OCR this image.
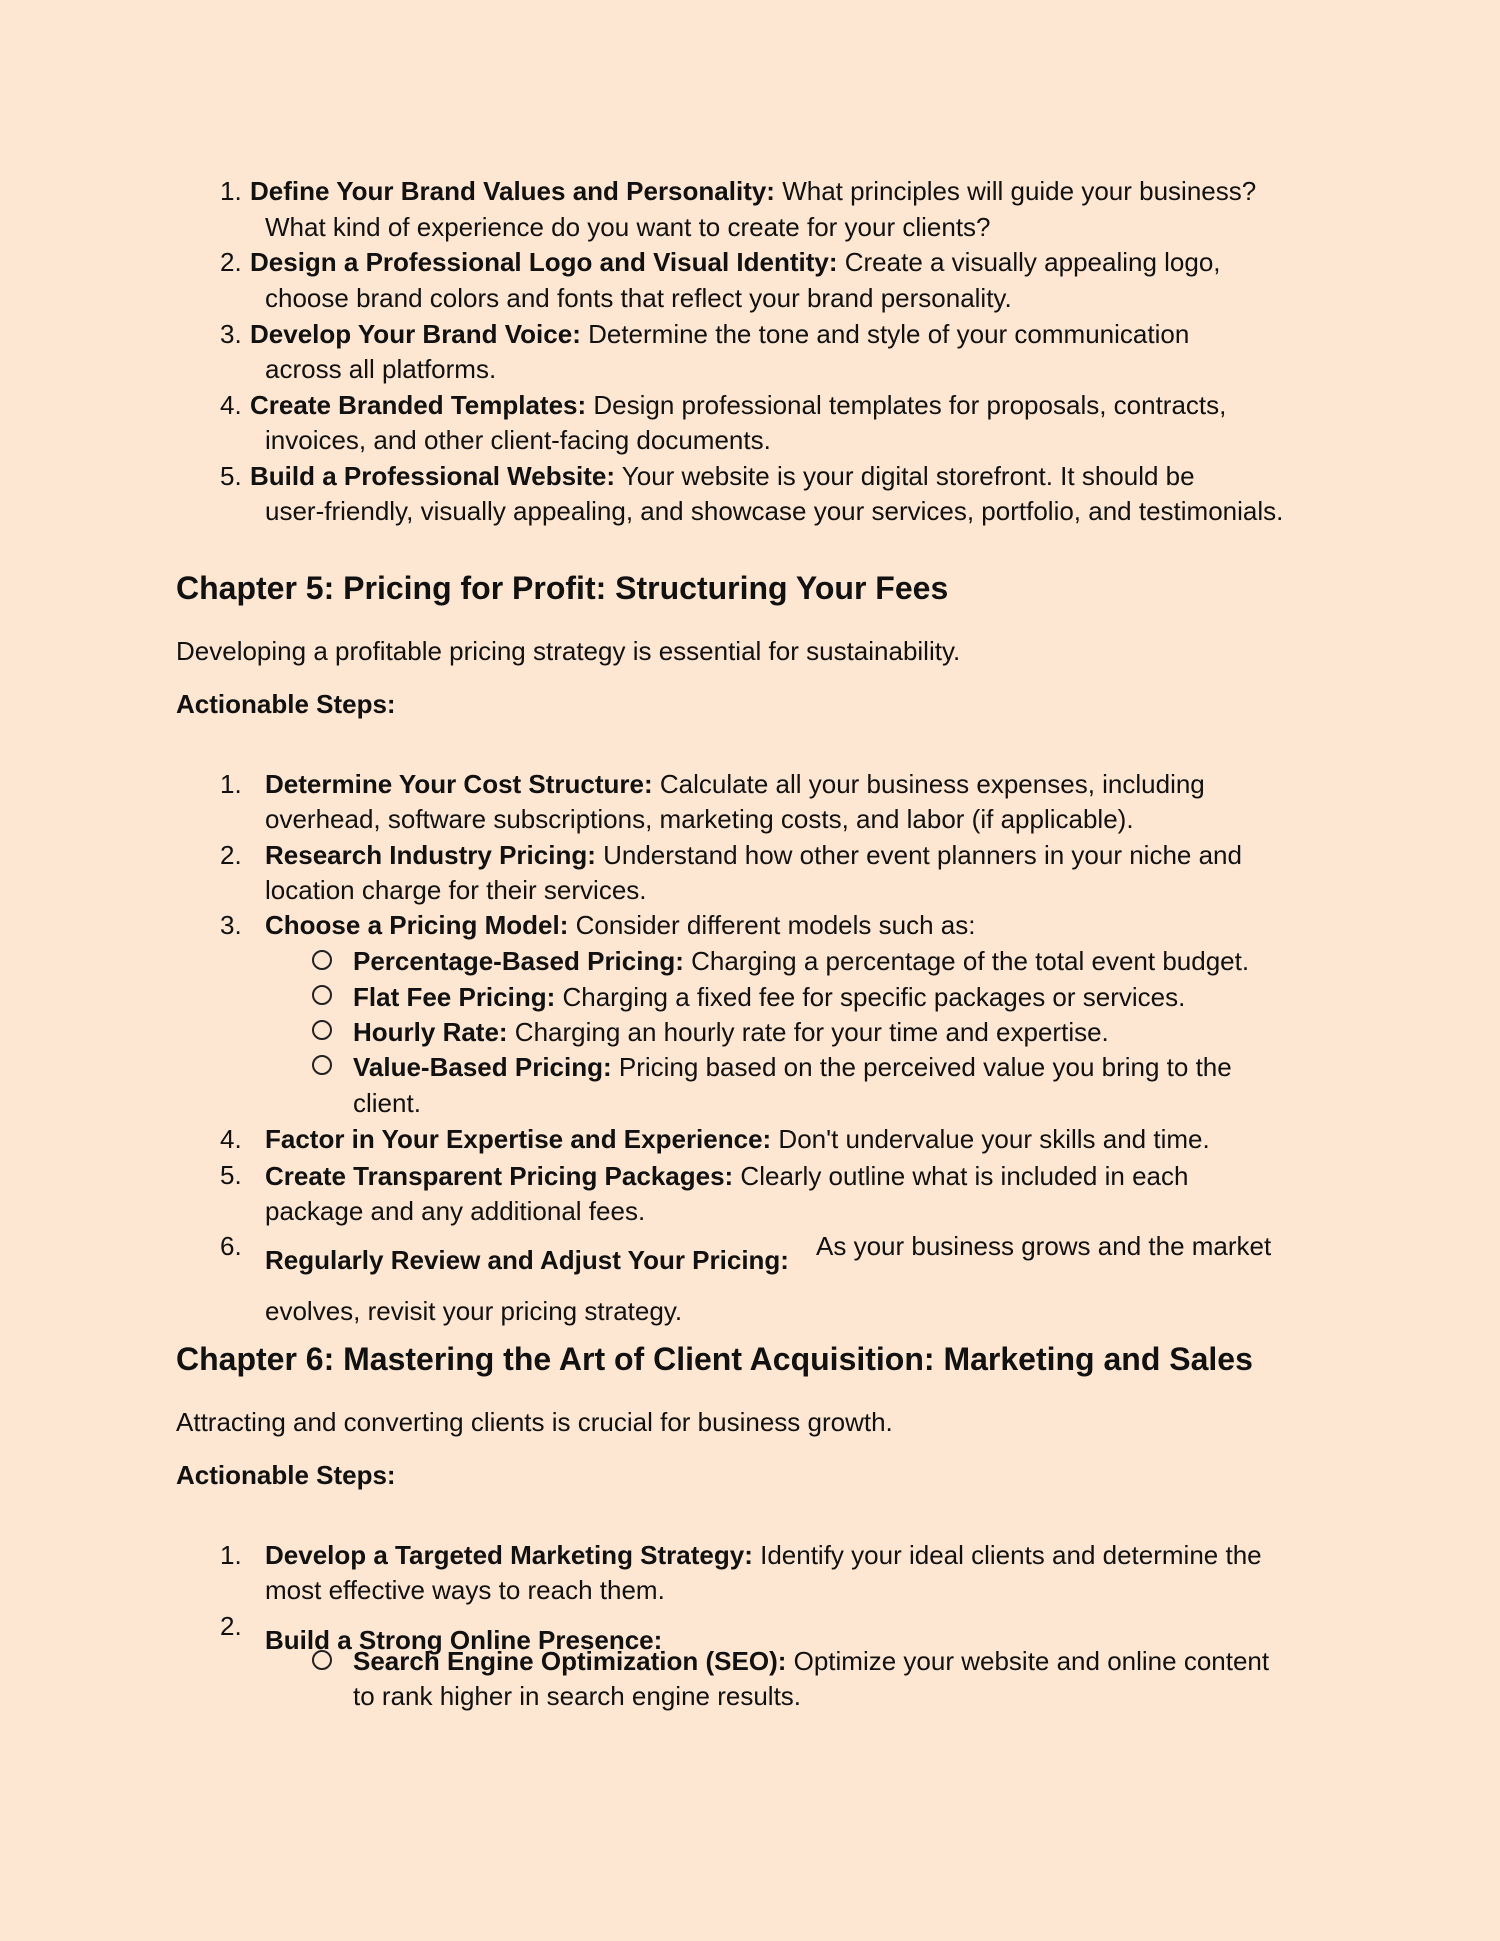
1. Define Your Brand Values and Personality: What principles will guide your business?
What kind of experience do you want to create for your clients?
2. Design a Professional Logo and Visual Identity: Create a visually appealing logo,
choose brand colors and fonts that reflect your brand personality.
3. Develop Your Brand Voice: Determine the tone and style of your communication
across all platforms.
4. Create Branded Templates: Design professional templates for proposals, contracts,
invoices, and other client-facing documents.
5. Build a Professional Website: Your website is your digital storefront. It should be
user-friendly, visually appealing, and showcase your services, portfolio, and testimonials.
Chapter 5: Pricing for Profit: Structuring Your Fees
Developing a profitable pricing strategy is essential for sustainability.
Actionable Steps:
1. Determine Your Cost Structure: Calculate all your business expenses, including
overhead, software subscriptions, marketing costs, and labor (if applicable).
2. Research Industry Pricing: Understand how other event planners in your niche and
location charge for their services.
3. Choose a Pricing Model: Consider different models such as:
Percentage-Based Pricing: Charging a percentage of the total event budget.
Flat Fee Pricing: Charging a fixed fee for specific packages or services.
Hourly Rate: Charging an hourly rate for your time and expertise.
Value-Based Pricing: Pricing based on the perceived value you bring to the
client.
4. Factor in Your Expertise and Experience: Don't undervalue your skills and time.
5. Create Transparent Pricing Packages: Clearly outline what is included in each
package and any additional fees.
6. Regularly Review and Adjust Your Pricing: As your business grows and the market
evolves, revisit your pricing strategy.
Chapter 6: Mastering the Art of Client Acquisition: Marketing and Sales
Attracting and converting clients is crucial for business growth.
Actionable Steps:
1. Develop a Targeted Marketing Strategy: Identify your ideal clients and determine the
most effective ways to reach them.
2. Build a Strong Online Presence:
Search Engine Optimization (SEO): Optimize your website and online content
to rank higher in search engine results.
